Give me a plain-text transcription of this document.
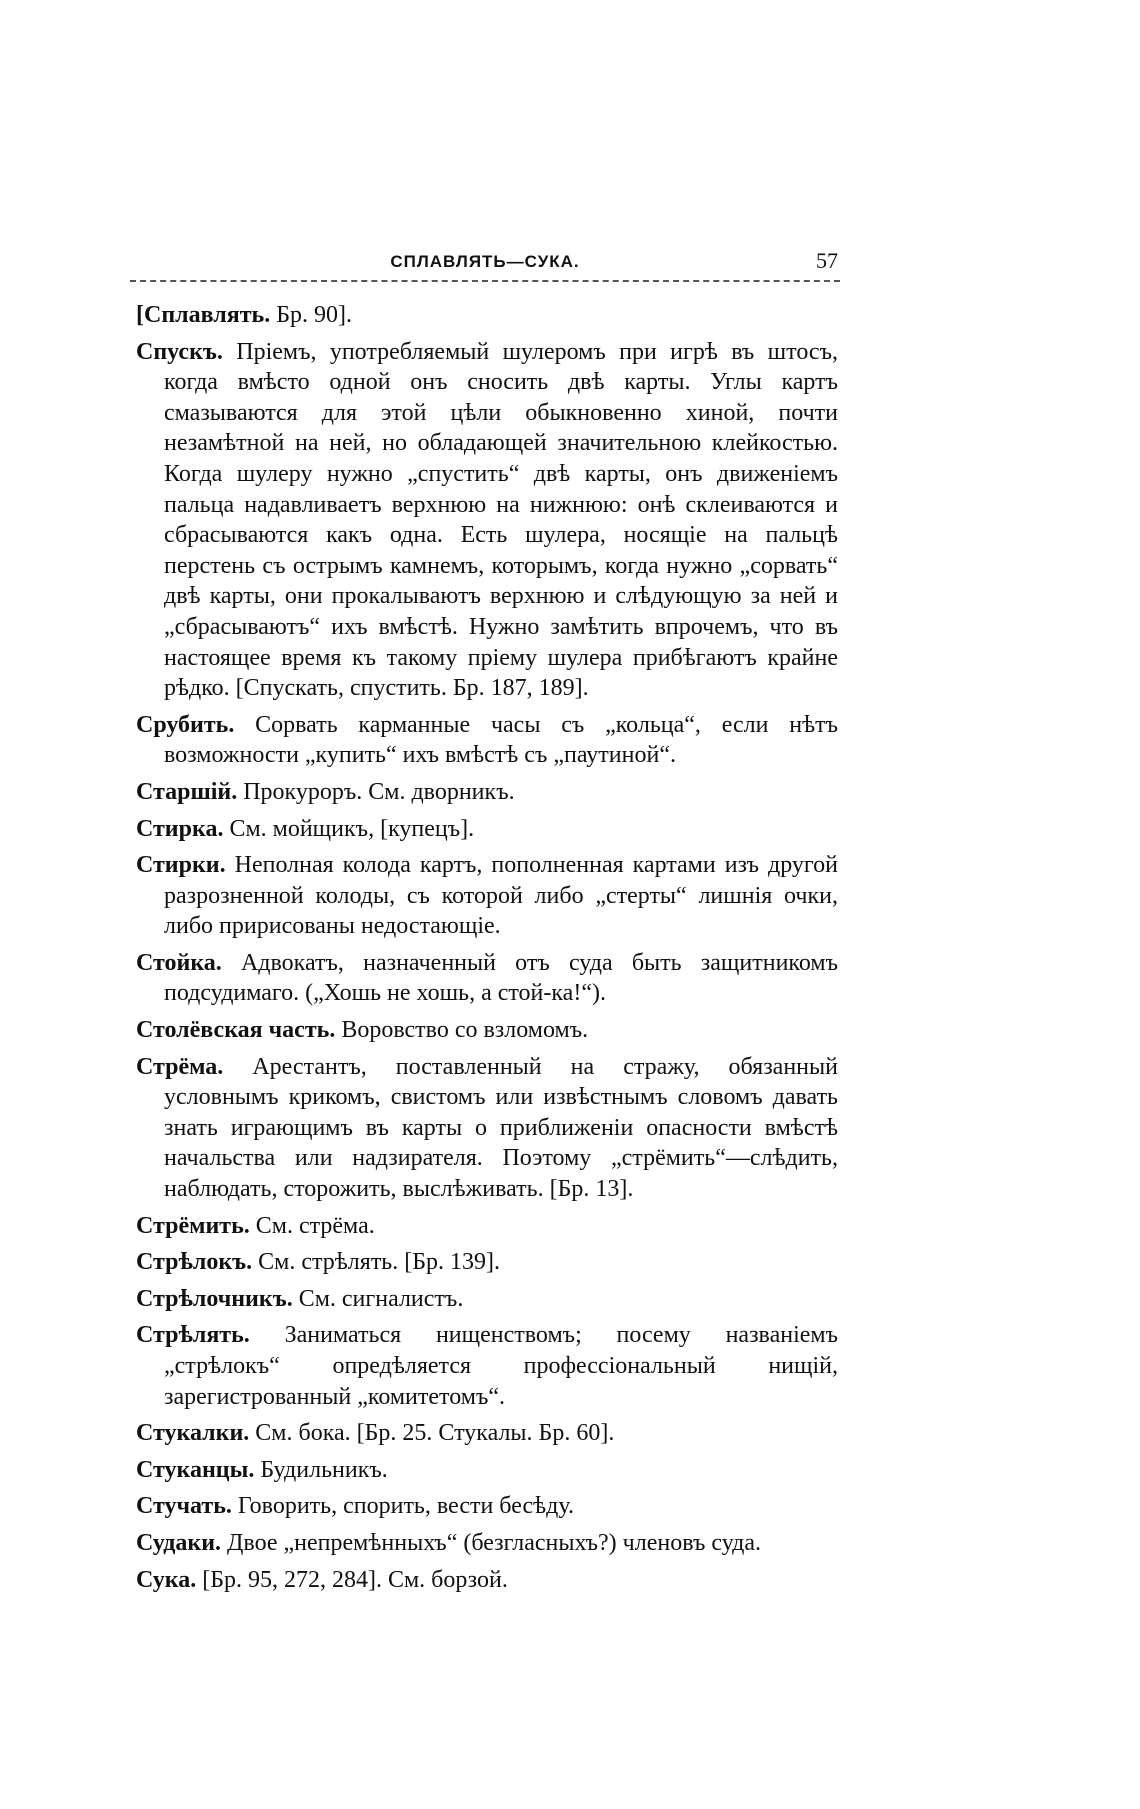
СПЛАВЛЯТЬ—СУКА.	57

[Сплавлять. Бр. 90].

Спускъ. Пріемъ, употребляемый шулеромъ при игрѣ въ штосъ, когда вмѣсто одной онъ сносить двѣ карты. Углы картъ смазываются для этой цѣли обыкновенно хиной, почти незамѣтной на ней, но обладающей значительною клейкостью. Когда шулеру нужно „спустить“ двѣ карты, онъ движеніемъ пальца надавливаетъ верхнюю на нижнюю: онѣ склеиваются и сбрасываются какъ одна. Есть шулера, носящіе на пальцѣ перстень съ острымъ камнемъ, которымъ, когда нужно „сорвать“ двѣ карты, они прокалываютъ верхнюю и слѣдующую за ней и „сбрасываютъ“ ихъ вмѣстѣ. Нужно замѣтить впрочемъ, что въ настоящее время къ такому пріему шулера прибѣгаютъ крайне рѣдко. [Спускать, спустить. Бр. 187, 189].

Срубить. Сорвать карманные часы съ „кольца“, если нѣтъ возможности „купить“ ихъ вмѣстѣ съ „паутиной“.

Старшій. Прокуроръ. См. дворникъ.

Стирка. См. мойщикъ, [купецъ].

Стирки. Неполная колода картъ, пополненная картами изъ другой разрозненной колоды, съ которой либо „стерты“ лишнія очки, либо пририсованы недостающіе.

Стойка. Адвокатъ, назначенный отъ суда быть защитникомъ подсудимаго. („Хошь не хошь, а стой-ка!“).

Столёвская часть. Воровство со взломомъ.

Стрёма. Арестантъ, поставленный на стражу, обязанный условнымъ крикомъ, свистомъ или извѣстнымъ словомъ давать знать играющимъ въ карты о приближеніи опасности вмѣстѣ начальства или надзирателя. Поэтому „стрёмить“—слѣдить, наблюдать, сторожить, выслѣживать. [Бр. 13].

Стрёмить. См. стрёма.

Стрѣлокъ. См. стрѣлять. [Бр. 139].

Стрѣлочникъ. См. сигналистъ.

Стрѣлять. Заниматься нищенствомъ; посему названіемъ „стрѣлокъ“ опредѣляется профессіональный нищій, зарегистрованный „комитетомъ“.

Стукалки. См. бока. [Бр. 25. Стукалы. Бр. 60].

Стуканцы. Будильникъ.

Стучать. Говорить, спорить, вести бесѣду.

Судаки. Двое „непремѣнныхъ“ (безгласныхъ?) членовъ суда.

Сука. [Бр. 95, 272, 284]. См. борзой.
